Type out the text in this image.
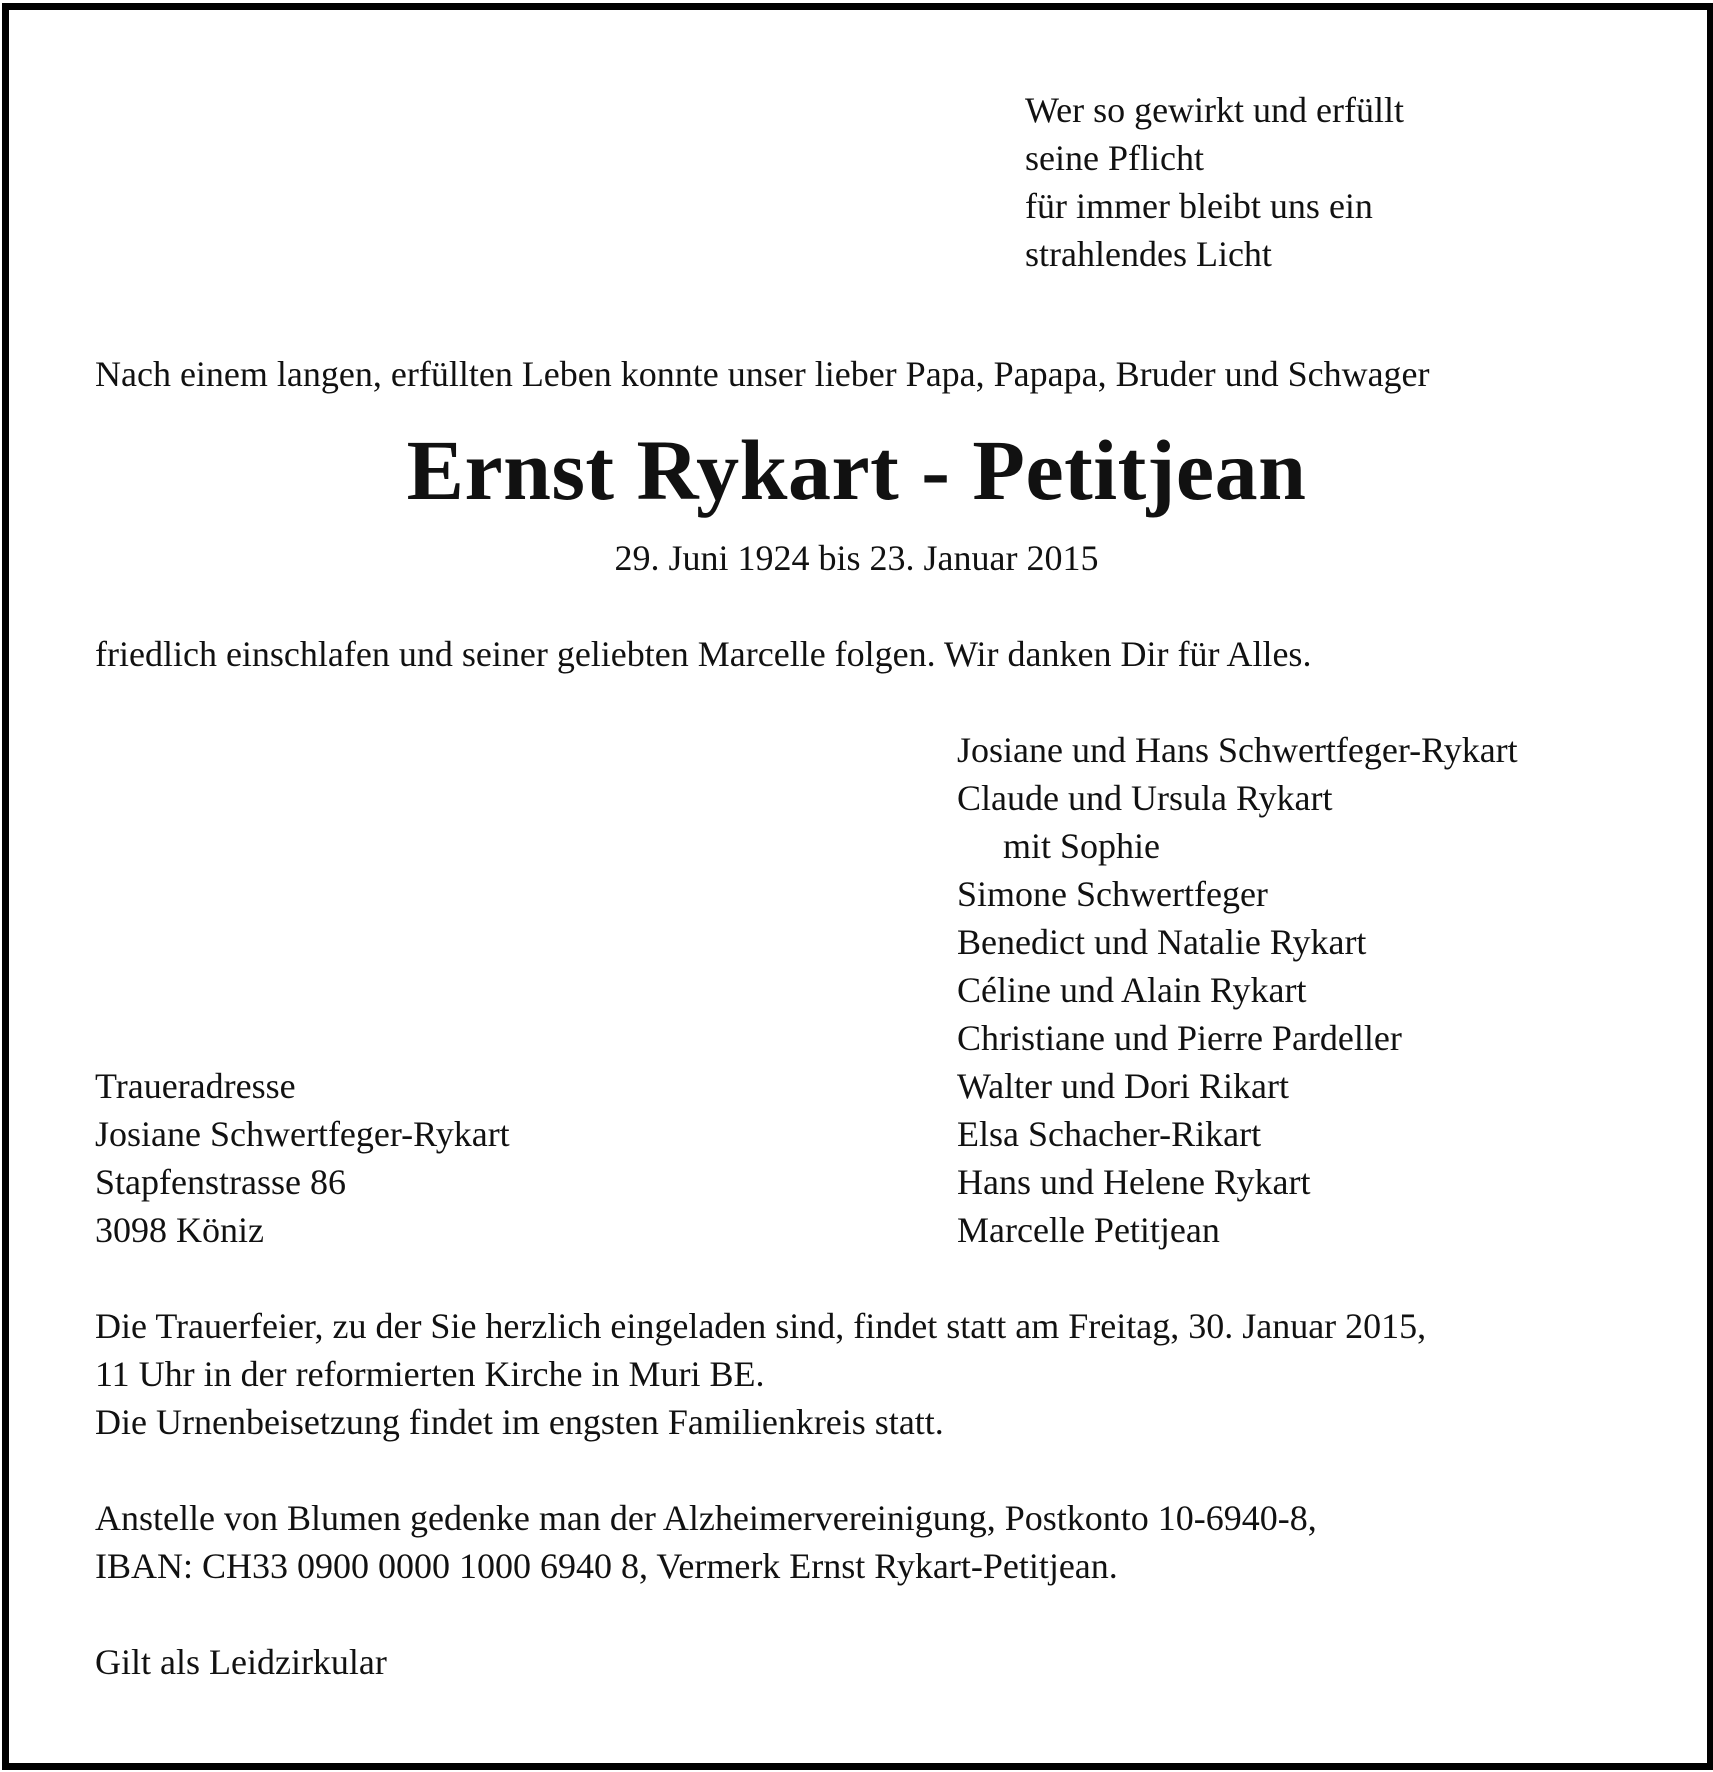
Wer so gewirkt und erfüllt
seine Pflicht
für immer bleibt uns ein
strahlendes Licht

Nach einem langen, erfüllten Leben konnte unser lieber Papa, Papapa, Bruder und Schwager

Ernst Rykart - Petitjean
29. Juni 1924 bis 23. Januar 2015

friedlich einschlafen und seiner geliebten Marcelle folgen. Wir danken Dir für Alles.

Josiane und Hans Schwertfeger-Rykart
Claude und Ursula Rykart
mit Sophie
Simone Schwertfeger
Benedict und Natalie Rykart
Céline und Alain Rykart
Christiane und Pierre Pardeller
Walter und Dori Rikart
Elsa Schacher-Rikart
Hans und Helene Rykart
Marcelle Petitjean
Traueradresse
Josiane Schwertfeger-Rykart
Stapfenstrasse 86
3098 Köniz
Die Trauerfeier, zu der Sie herzlich eingeladen sind, findet statt am Freitag, 30. Januar 2015,
11 Uhr in der reformierten Kirche in Muri BE.
Die Urnenbeisetzung findet im engsten Familienkreis statt.
Anstelle von Blumen gedenke man der Alzheimervereinigung, Postkonto 10-6940-8,
IBAN: CH33 0900 0000 1000 6940 8, Vermerk Ernst Rykart-Petitjean.

Gilt als Leidzirkular
